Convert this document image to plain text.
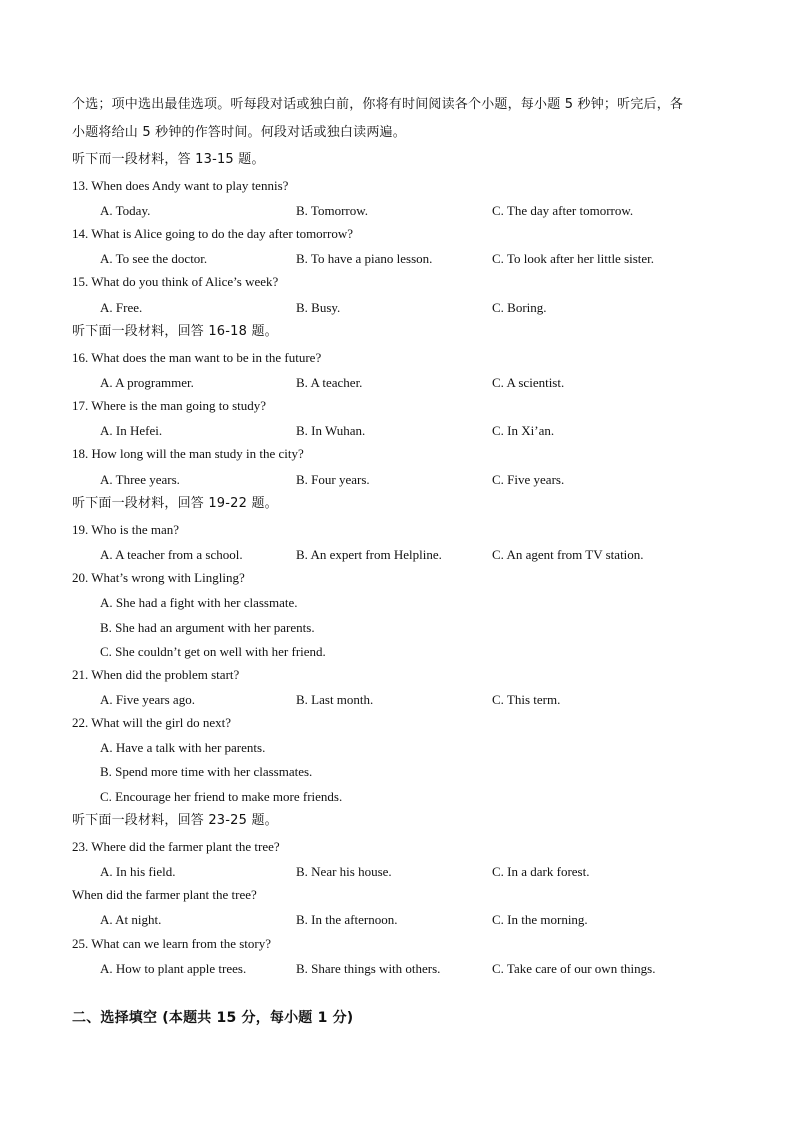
个选；项中选出最佳选项。听每段对话或独白前，你将有时间阅读各个小题，每小题 5 秒钟；听完后，各
小题将给山 5 秒钟的作答时间。何段对话或独白读两遍。
听下而一段材料，答 13-15 题。
13. When does Andy want to play tennis?
A. Today.	B. Tomorrow.	C. The day after tomorrow.
14. What is Alice going to do the day after tomorrow?
A. To see the doctor.	B. To have a piano lesson.	C. To look after her little sister.
15. What do you think of Alice’s week?
A. Free.	B. Busy.	C. Boring.
听下面一段材料，回答 16-18 题。
16. What does the man want to be in the future?
A. A programmer.	B. A teacher.	C. A scientist.
17. Where is the man going to study?
A. In Hefei.	B. In Wuhan.	C. In Xi’an.
18. How long will the man study in the city?
A. Three years.	B. Four years.	C. Five years.
听下面一段材料，回答 19-22 题。
19. Who is the man?
A. A teacher from a school.	B. An expert from Helpline.	C. An agent from TV station.
20. What’s wrong with Lingling?
A. She had a fight with her classmate.
B. She had an argument with her parents.
C. She couldn’t get on well with her friend.
21. When did the problem start?
A. Five years ago.	B. Last month.	C. This term.
22. What will the girl do next?
A. Have a talk with her parents.
B. Spend more time with her classmates.
C. Encourage her friend to make more friends.
听下面一段材料，回答 23-25 题。
23. Where did the farmer plant the tree?
A. In his field.	B. Near his house.	C. In a dark forest.
When did the farmer plant the tree?
A. At night.	B. In the afternoon.	C. In the morning.
25. What can we learn from the story?
A. How to plant apple trees.	B. Share things with others.	C. Take care of our own things.
二、选择填空 (本题共 15 分，每小题 1 分)
